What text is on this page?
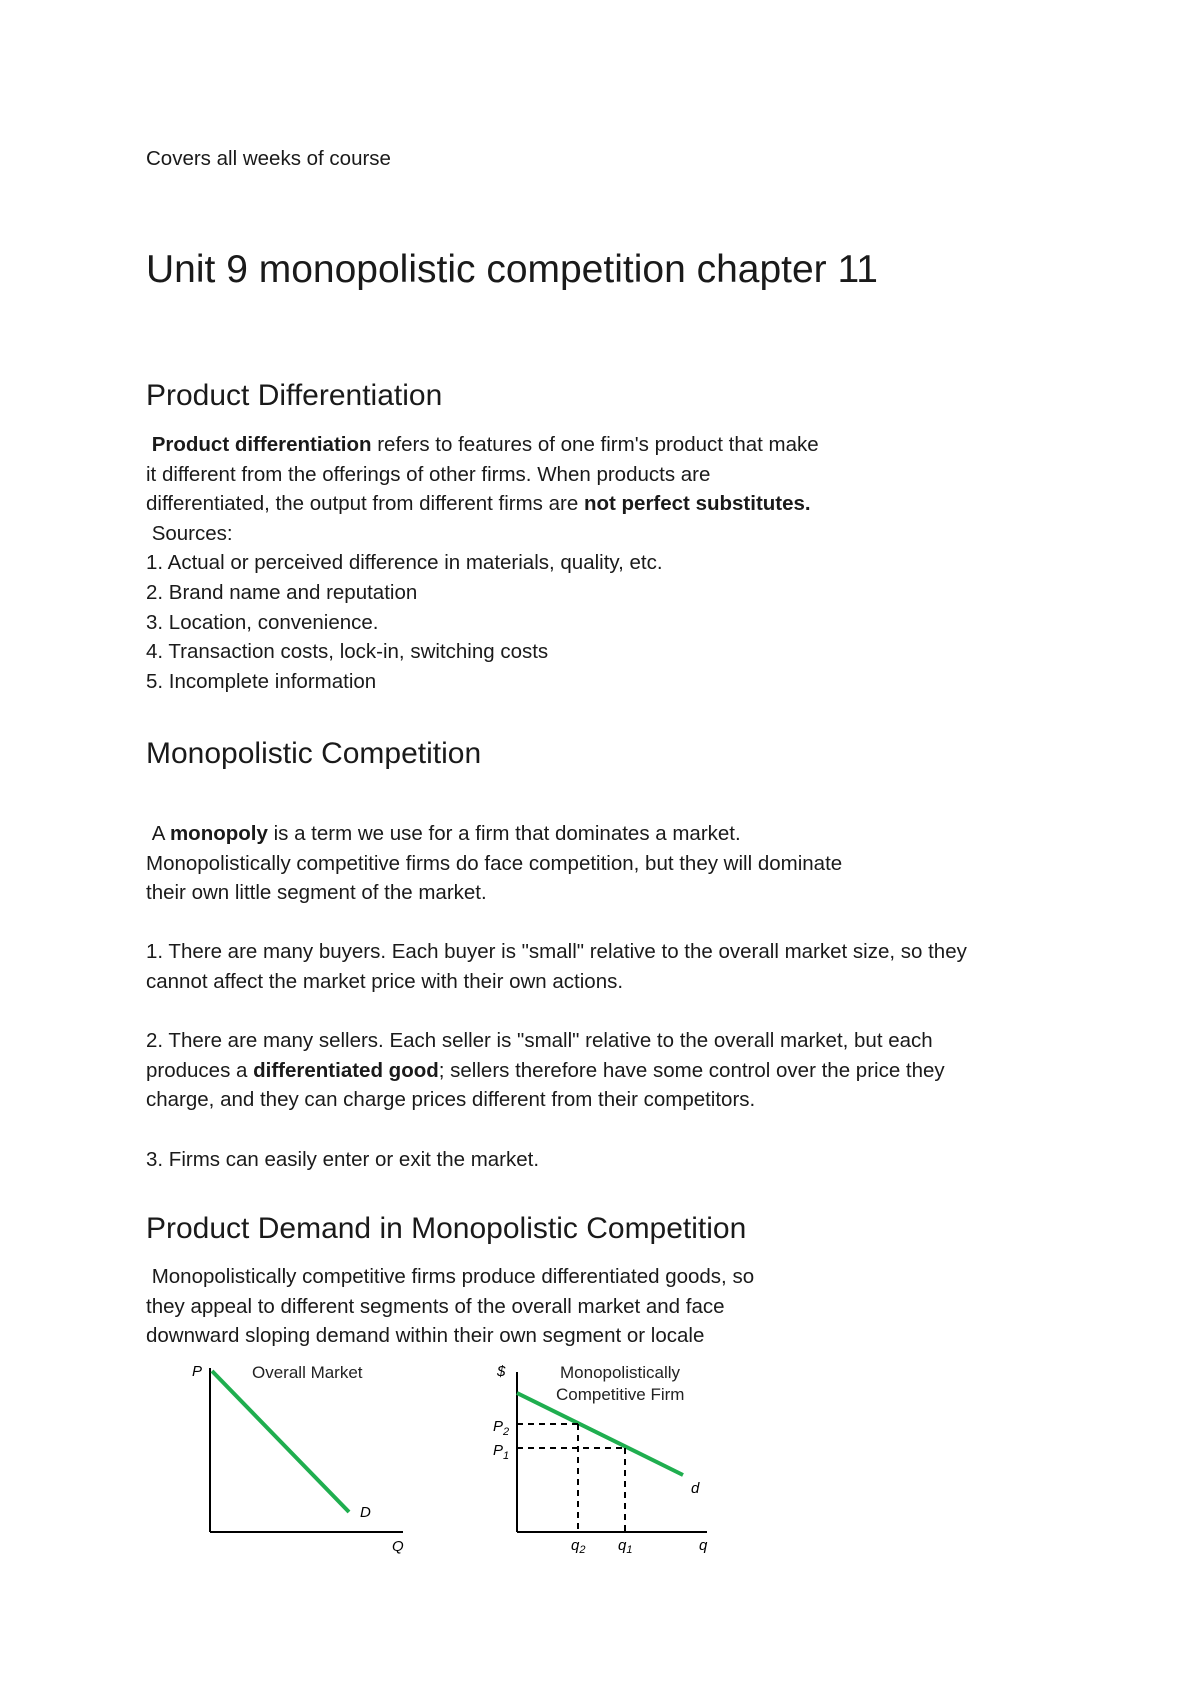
Covers all weeks of course
Unit 9 monopolistic competition chapter 11
Product Differentiation
Product differentiation refers to features of one firm's product that make
it different from the offerings of other firms. When products are
differentiated, the output from different firms are not perfect substitutes.
Sources:
1. Actual or perceived difference in materials, quality, etc.
2. Brand name and reputation
3. Location, convenience.
4. Transaction costs, lock-in, switching costs
5. Incomplete information
Monopolistic Competition
A monopoly is a term we use for a firm that dominates a market.
Monopolistically competitive firms do face competition, but they will dominate
their own little segment of the market.
1. There are many buyers. Each buyer is "small" relative to the overall market size, so they
cannot affect the market price with their own actions.
2. There are many sellers. Each seller is "small" relative to the overall market, but each
produces a differentiated good; sellers therefore have some control over the price they
charge, and they can charge prices different from their competitors.
3. Firms can easily enter or exit the market.
Product Demand in Monopolistic Competition
Monopolistically competitive firms produce differentiated goods, so
they appeal to different segments of the overall market and face
downward sloping demand within their own segment or locale
P	Overall Market
D
Q
$	Monopolistically
Competitive Firm
$P_2$
$P_1$
d
$q_2$ $q_1$	q
